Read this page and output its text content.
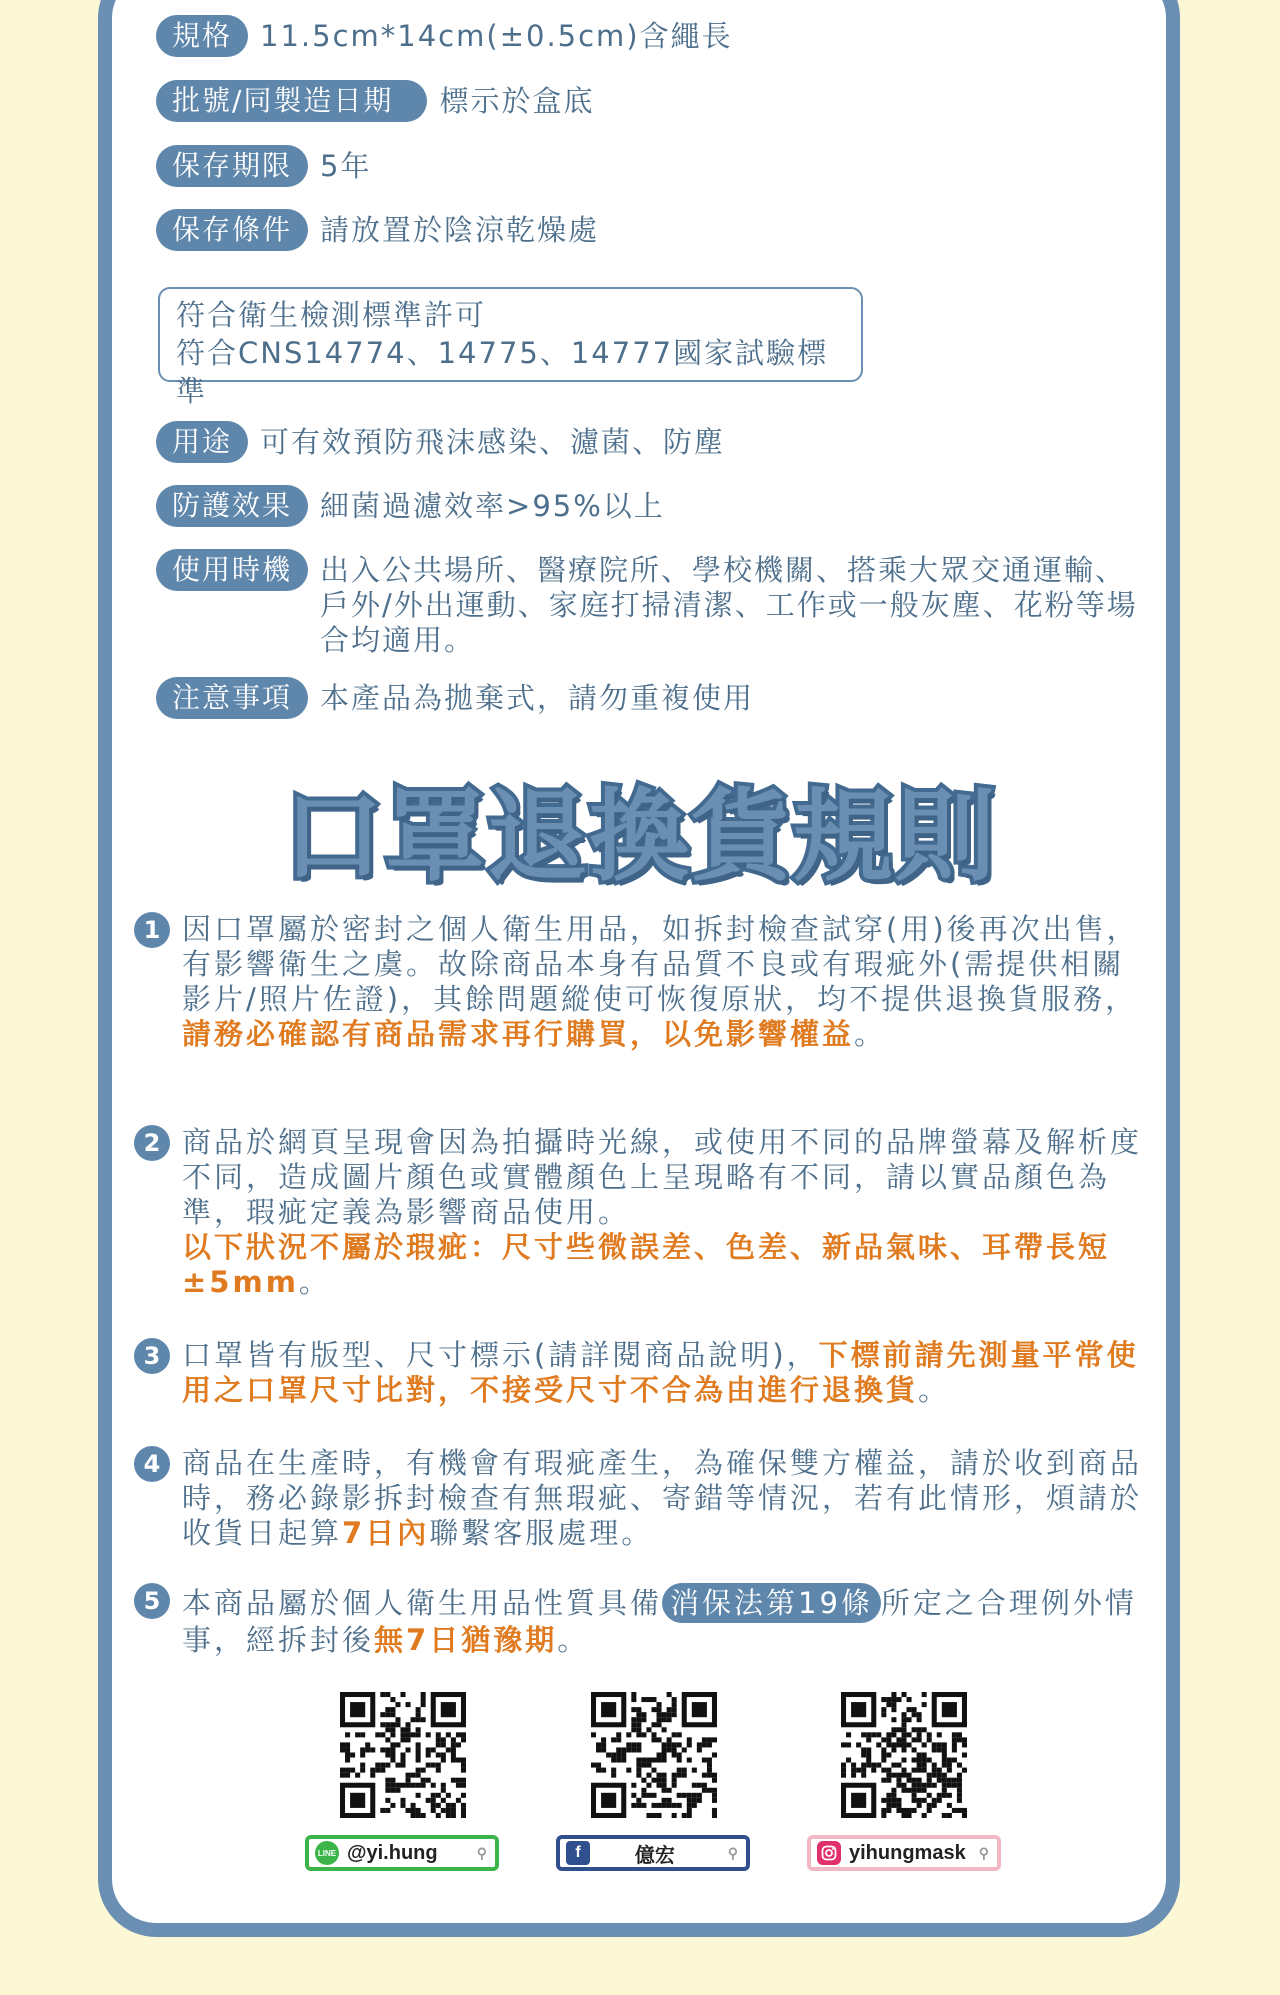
規格 11.5cm*14cm(±0.5cm)含繩長
批號/同製造日期	標示於盒底
保存期限 5年
保存條件 請放置於陰涼乾燥處
符合衛生檢測標準許可
符合CNS14774、14775、14777國家試驗標準
用途 可有效預防飛沫感染、濾菌、防塵
防護效果 細菌過濾效率>95%以上
使用時機 出入公共場所、醫療院所、學校機關、搭乘大眾交通運輸、戶外/外出運動、家庭打掃清潔、工作或一般灰塵、花粉等場合均適用。
注意事項 本產品為拋棄式，請勿重複使用
口罩退換貨規則
1 因口罩屬於密封之個人衛生用品，如拆封檢查試穿(用)後再次出售，有影響衛生之虞。故除商品本身有品質不良或有瑕疵外(需提供相關影片/照片佐證)，其餘問題縱使可恢復原狀，均不提供退換貨服務，請務必確認有商品需求再行購買，以免影響權益。
2 商品於網頁呈現會因為拍攝時光線，或使用不同的品牌螢幕及解析度不同，造成圖片顏色或實體顏色上呈現略有不同，請以實品顏色為準，瑕疵定義為影響商品使用。
以下狀況不屬於瑕疵：尺寸些微誤差、色差、新品氣味、耳帶長短±5mm。
3 口罩皆有版型、尺寸標示(請詳閱商品說明)，下標前請先測量平常使用之口罩尺寸比對，不接受尺寸不合為由進行退換貨。
4 商品在生產時，有機會有瑕疵產生，為確保雙方權益，請於收到商品時，務必錄影拆封檢查有無瑕疵、寄錯等情況，若有此情形，煩請於收貨日起算7日內聯繫客服處理。
5 本商品屬於個人衛生用品性質具備 消保法第19條 所定之合理例外情事，經拆封後無7日猶豫期。
LINE @yi.hung	⚲	f	億宏	⚲	yihungmask ⚲
